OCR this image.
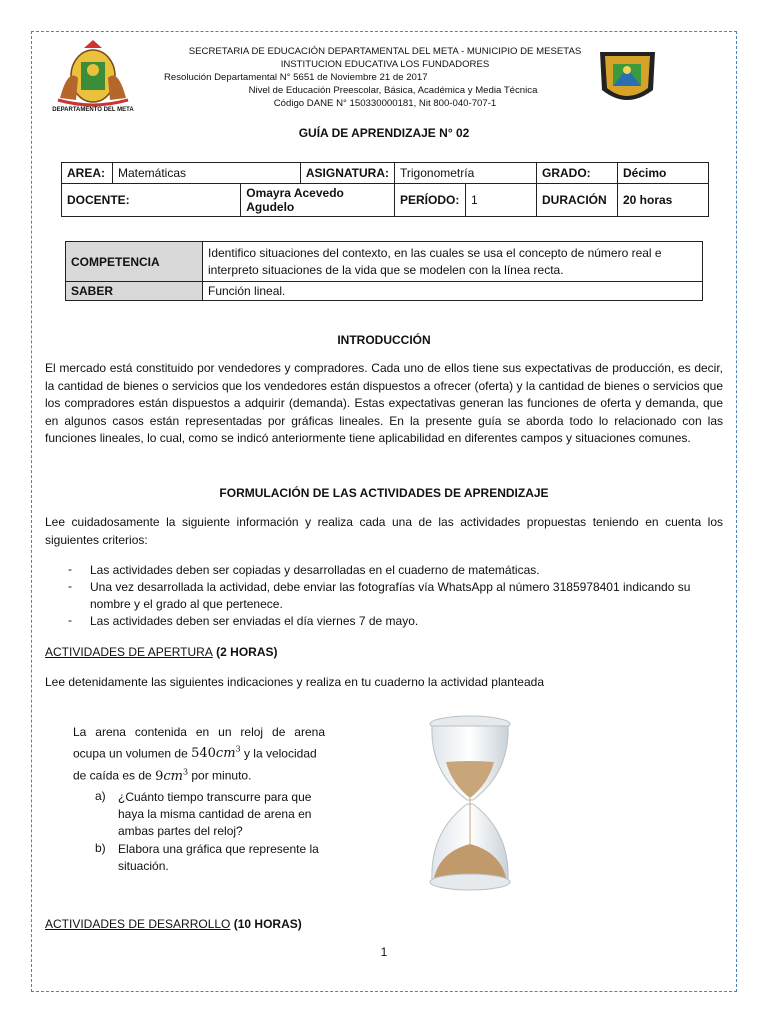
DEPARTAMENTO DEL META
SECRETARIA DE EDUCACIÓN DEPARTAMENTAL DEL META - MUNICIPIO DE MESETAS
INSTITUCION EDUCATIVA LOS FUNDADORES
Resolución Departamental N° 5651 de Noviembre 21 de 2017
Nivel de Educación Preescolar, Básica, Académica y Media Técnica
Código DANE N° 150330000181, Nit 800-040-707-1
GUÍA DE APRENDIZAJE N° 02
AREA:	Matemáticas		ASIGNATURA:	Trigonometría		GRADO:	Décimo
DOCENTE:		Omayra Acevedo Agudelo		PERÍODO:	1	DURACIÓN	20 horas
COMPETENCIA	Identifico situaciones del contexto, en las cuales se usa el concepto de número real e interpreto situaciones de la vida que se modelen con la línea recta.
SABER	Función lineal.
INTRODUCCIÓN
El mercado está constituido por vendedores y compradores. Cada uno de ellos tiene sus expectativas de producción, es decir, la cantidad de bienes o servicios que los vendedores están dispuestos a ofrecer (oferta) y la cantidad de bienes o servicios que los compradores están dispuestos a adquirir (demanda). Estas expectativas generan las funciones de oferta y demanda, que en algunos casos están representadas por gráficas lineales. En la presente guía se aborda todo lo relacionado con las funciones lineales, lo cual, como se indicó anteriormente tiene aplicabilidad en diferentes campos y situaciones comunes.
FORMULACIÓN DE LAS ACTIVIDADES DE APRENDIZAJE
Lee cuidadosamente la siguiente información y realiza cada una de las actividades propuestas teniendo en cuenta los siguientes criterios:
- Las actividades deben ser copiadas y desarrolladas en el cuaderno de matemáticas.
- Una vez desarrollada la actividad, debe enviar las fotografías vía WhatsApp al número 3185978401 indicando su nombre y el grado al que pertenece.
- Las actividades deben ser enviadas el día viernes 7 de mayo.
ACTIVIDADES DE APERTURA (2 HORAS)
Lee detenidamente las siguientes indicaciones y realiza en tu cuaderno la actividad planteada
La arena contenida en un reloj de arena
ocupa un volumen de $540cm^3$ y la velocidad
de caída es de $9cm^3$ por minuto.
a) ¿Cuánto tiempo transcurre para que haya la misma cantidad de arena en ambas partes del reloj?
b) Elabora una gráfica que represente la situación.
ACTIVIDADES DE DESARROLLO (10 HORAS)
1
